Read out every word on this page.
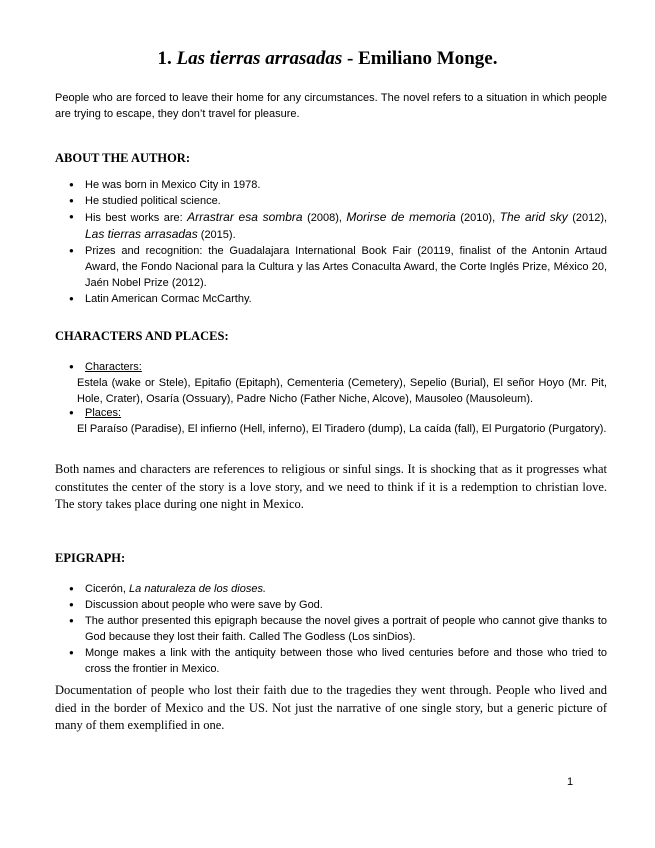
1. Las tierras arrasadas - Emiliano Monge.
People who are forced to leave their home for any circumstances. The novel refers to a situation in which people are trying to escape, they don’t travel for pleasure.
ABOUT THE AUTHOR:
● He was born in Mexico City in 1978.
● He studied political science.
● His best works are: Arrastrar esa sombra (2008), Morirse de memoria (2010), The arid sky (2012), Las tierras arrasadas (2015).
● Prizes and recognition: the Guadalajara International Book Fair (20119, finalist of the Antonin Artaud Award, the Fondo Nacional para la Cultura y las Artes Conaculta Award, the Corte Inglés Prize, México 20, Jaén Nobel Prize (2012).
● Latin American Cormac McCarthy.
CHARACTERS AND PLACES:
● Characters:
Estela (wake or Stele), Epitafio (Epitaph), Cementeria (Cemetery), Sepelio (Burial), El señor Hoyo (Mr. Pit, Hole, Crater), Osaría (Ossuary), Padre Nicho (Father Niche, Alcove), Mausoleo (Mausoleum).
● Places:
El Paraíso (Paradise), El infierno (Hell, inferno), El Tiradero (dump), La caída (fall), El Purgatorio (Purgatory).
Both names and characters are references to religious or sinful sings. It is shocking that as it progresses what constitutes the center of the story is a love story, and we need to think if it is a redemption to christian love. The story takes place during one night in Mexico.
EPIGRAPH:
● Cicerón, La naturaleza de los dioses.
● Discussion about people who were save by God.
● The author presented this epigraph because the novel gives a portrait of people who cannot give thanks to God because they lost their faith. Called The Godless (Los sinDios).
● Monge makes a link with the antiquity between those who lived centuries before and those who tried to cross the frontier in Mexico.
Documentation of people who lost their faith due to the tragedies they went through. People who lived and died in the border of Mexico and the US. Not just the narrative of one single story, but a generic picture of many of them exemplified in one.
1
